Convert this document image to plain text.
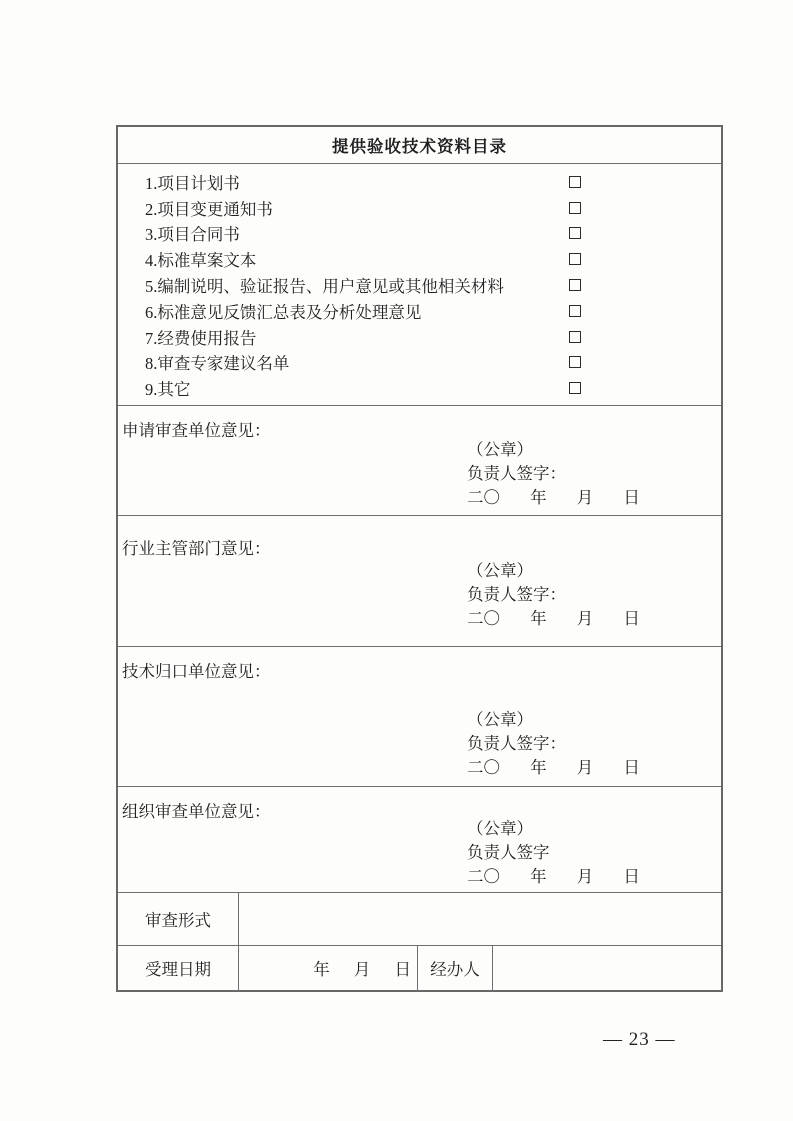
提供验收技术资料目录
1.项目计划书
2.项目变更通知书
3.项目合同书
4.标准草案文本
5.编制说明、验证报告、用户意见或其他相关材料
6.标准意见反馈汇总表及分析处理意见
7.经费使用报告
8.审查专家建议名单
9.其它
申请审查单位意见：
（公章）
负责人签字：
二〇 年 月 日
行业主管部门意见：
（公章）
负责人签字：
二〇 年 月 日
技术归口单位意见：
（公章）
负责人签字：
二〇 年 月 日
组织审查单位意见：
（公章）
负责人签字
二〇 年 月 日
审查形式
受理日期	年 月 日	经办人
— 23 —
